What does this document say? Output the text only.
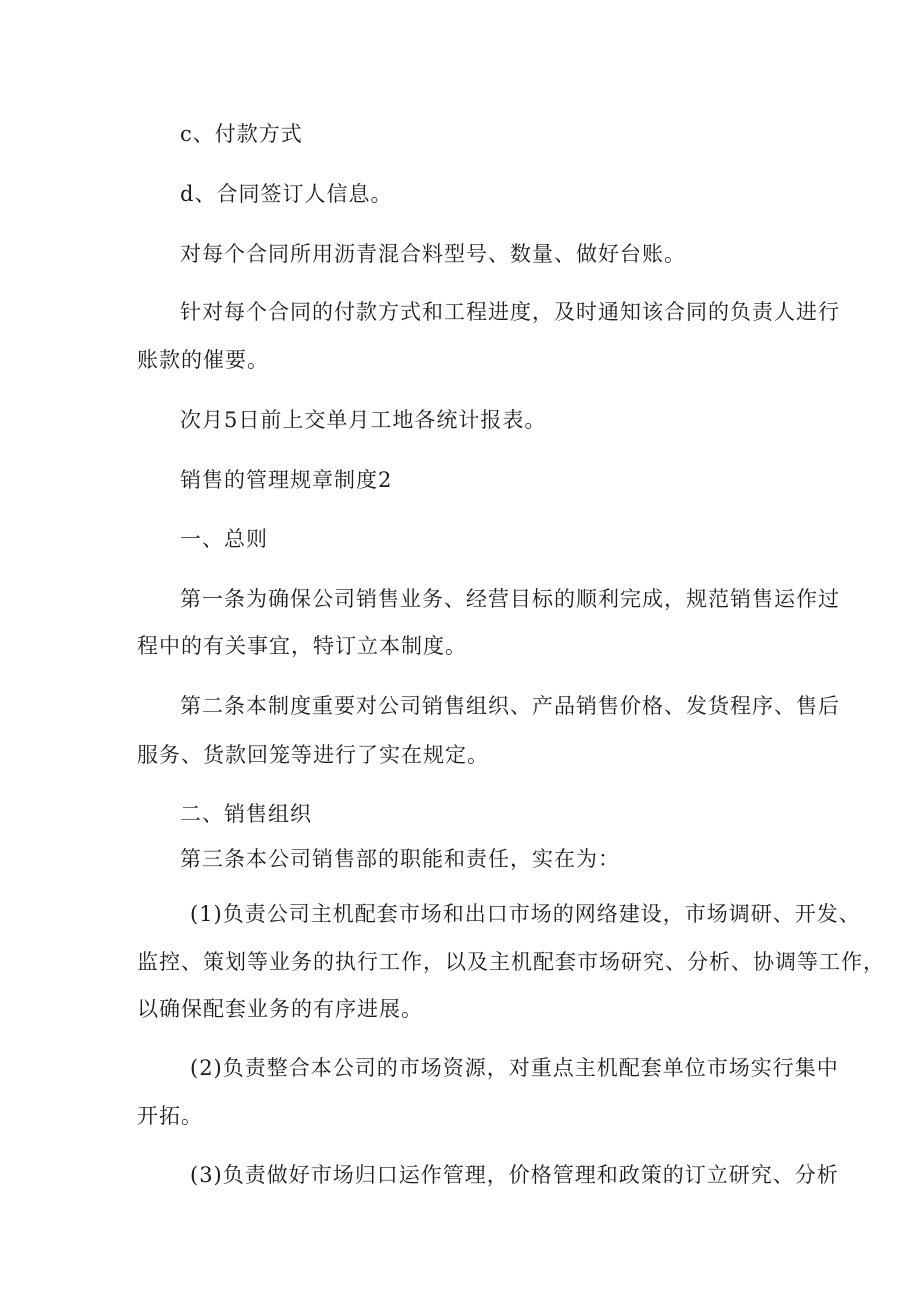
c、付款方式
d、合同签订人信息。
对每个合同所用沥青混合料型号、数量、做好台账。
针对每个合同的付款方式和工程进度，及时通知该合同的负责人进行
账款的催要。
次月5日前上交单月工地各统计报表。
销售的管理规章制度2
一、总则
第一条为确保公司销售业务、经营目标的顺利完成，规范销售运作过
程中的有关事宜，特订立本制度。
第二条本制度重要对公司销售组织、产品销售价格、发货程序、售后
服务、货款回笼等进行了实在规定。
二、销售组织
第三条本公司销售部的职能和责任，实在为：
(1)负责公司主机配套市场和出口市场的网络建设，市场调研、开发、
监控、策划等业务的执行工作，以及主机配套市场研究、分析、协调等工作，
以确保配套业务的有序进展。
(2)负责整合本公司的市场资源，对重点主机配套单位市场实行集中
开拓。
(3)负责做好市场归口运作管理，价格管理和政策的订立研究、分析
